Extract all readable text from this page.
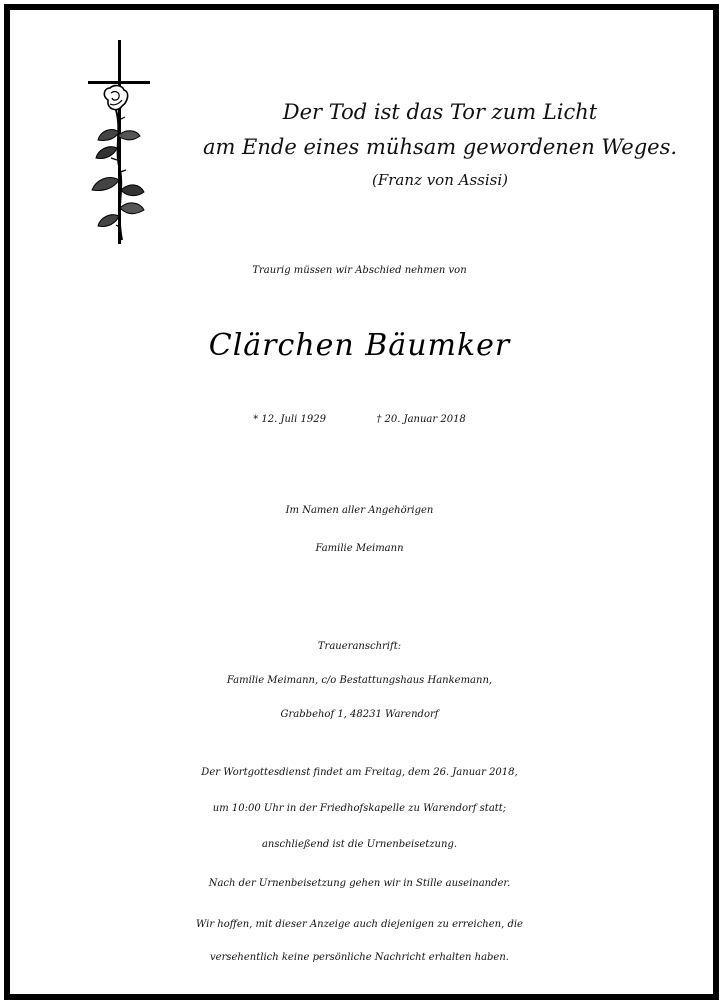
Der Tod ist das Tor zum Licht
am Ende eines mühsam gewordenen Weges.
(Franz von Assisi)
Traurig müssen wir Abschied nehmen von
Clärchen Bäumker
* 12. Juli 1929	† 20. Januar 2018
Im Namen aller Angehörigen
Familie Meimann
Traueranschrift:
Familie Meimann, c/o Bestattungshaus Hankemann,
Grabbehof 1, 48231 Warendorf
Der Wortgottesdienst findet am Freitag, dem 26. Januar 2018,
um 10:00 Uhr in der Friedhofskapelle zu Warendorf statt;
anschließend ist die Urnenbeisetzung.
Nach der Urnenbeisetzung gehen wir in Stille auseinander.
Wir hoffen, mit dieser Anzeige auch diejenigen zu erreichen, die
versehentlich keine persönliche Nachricht erhalten haben.
